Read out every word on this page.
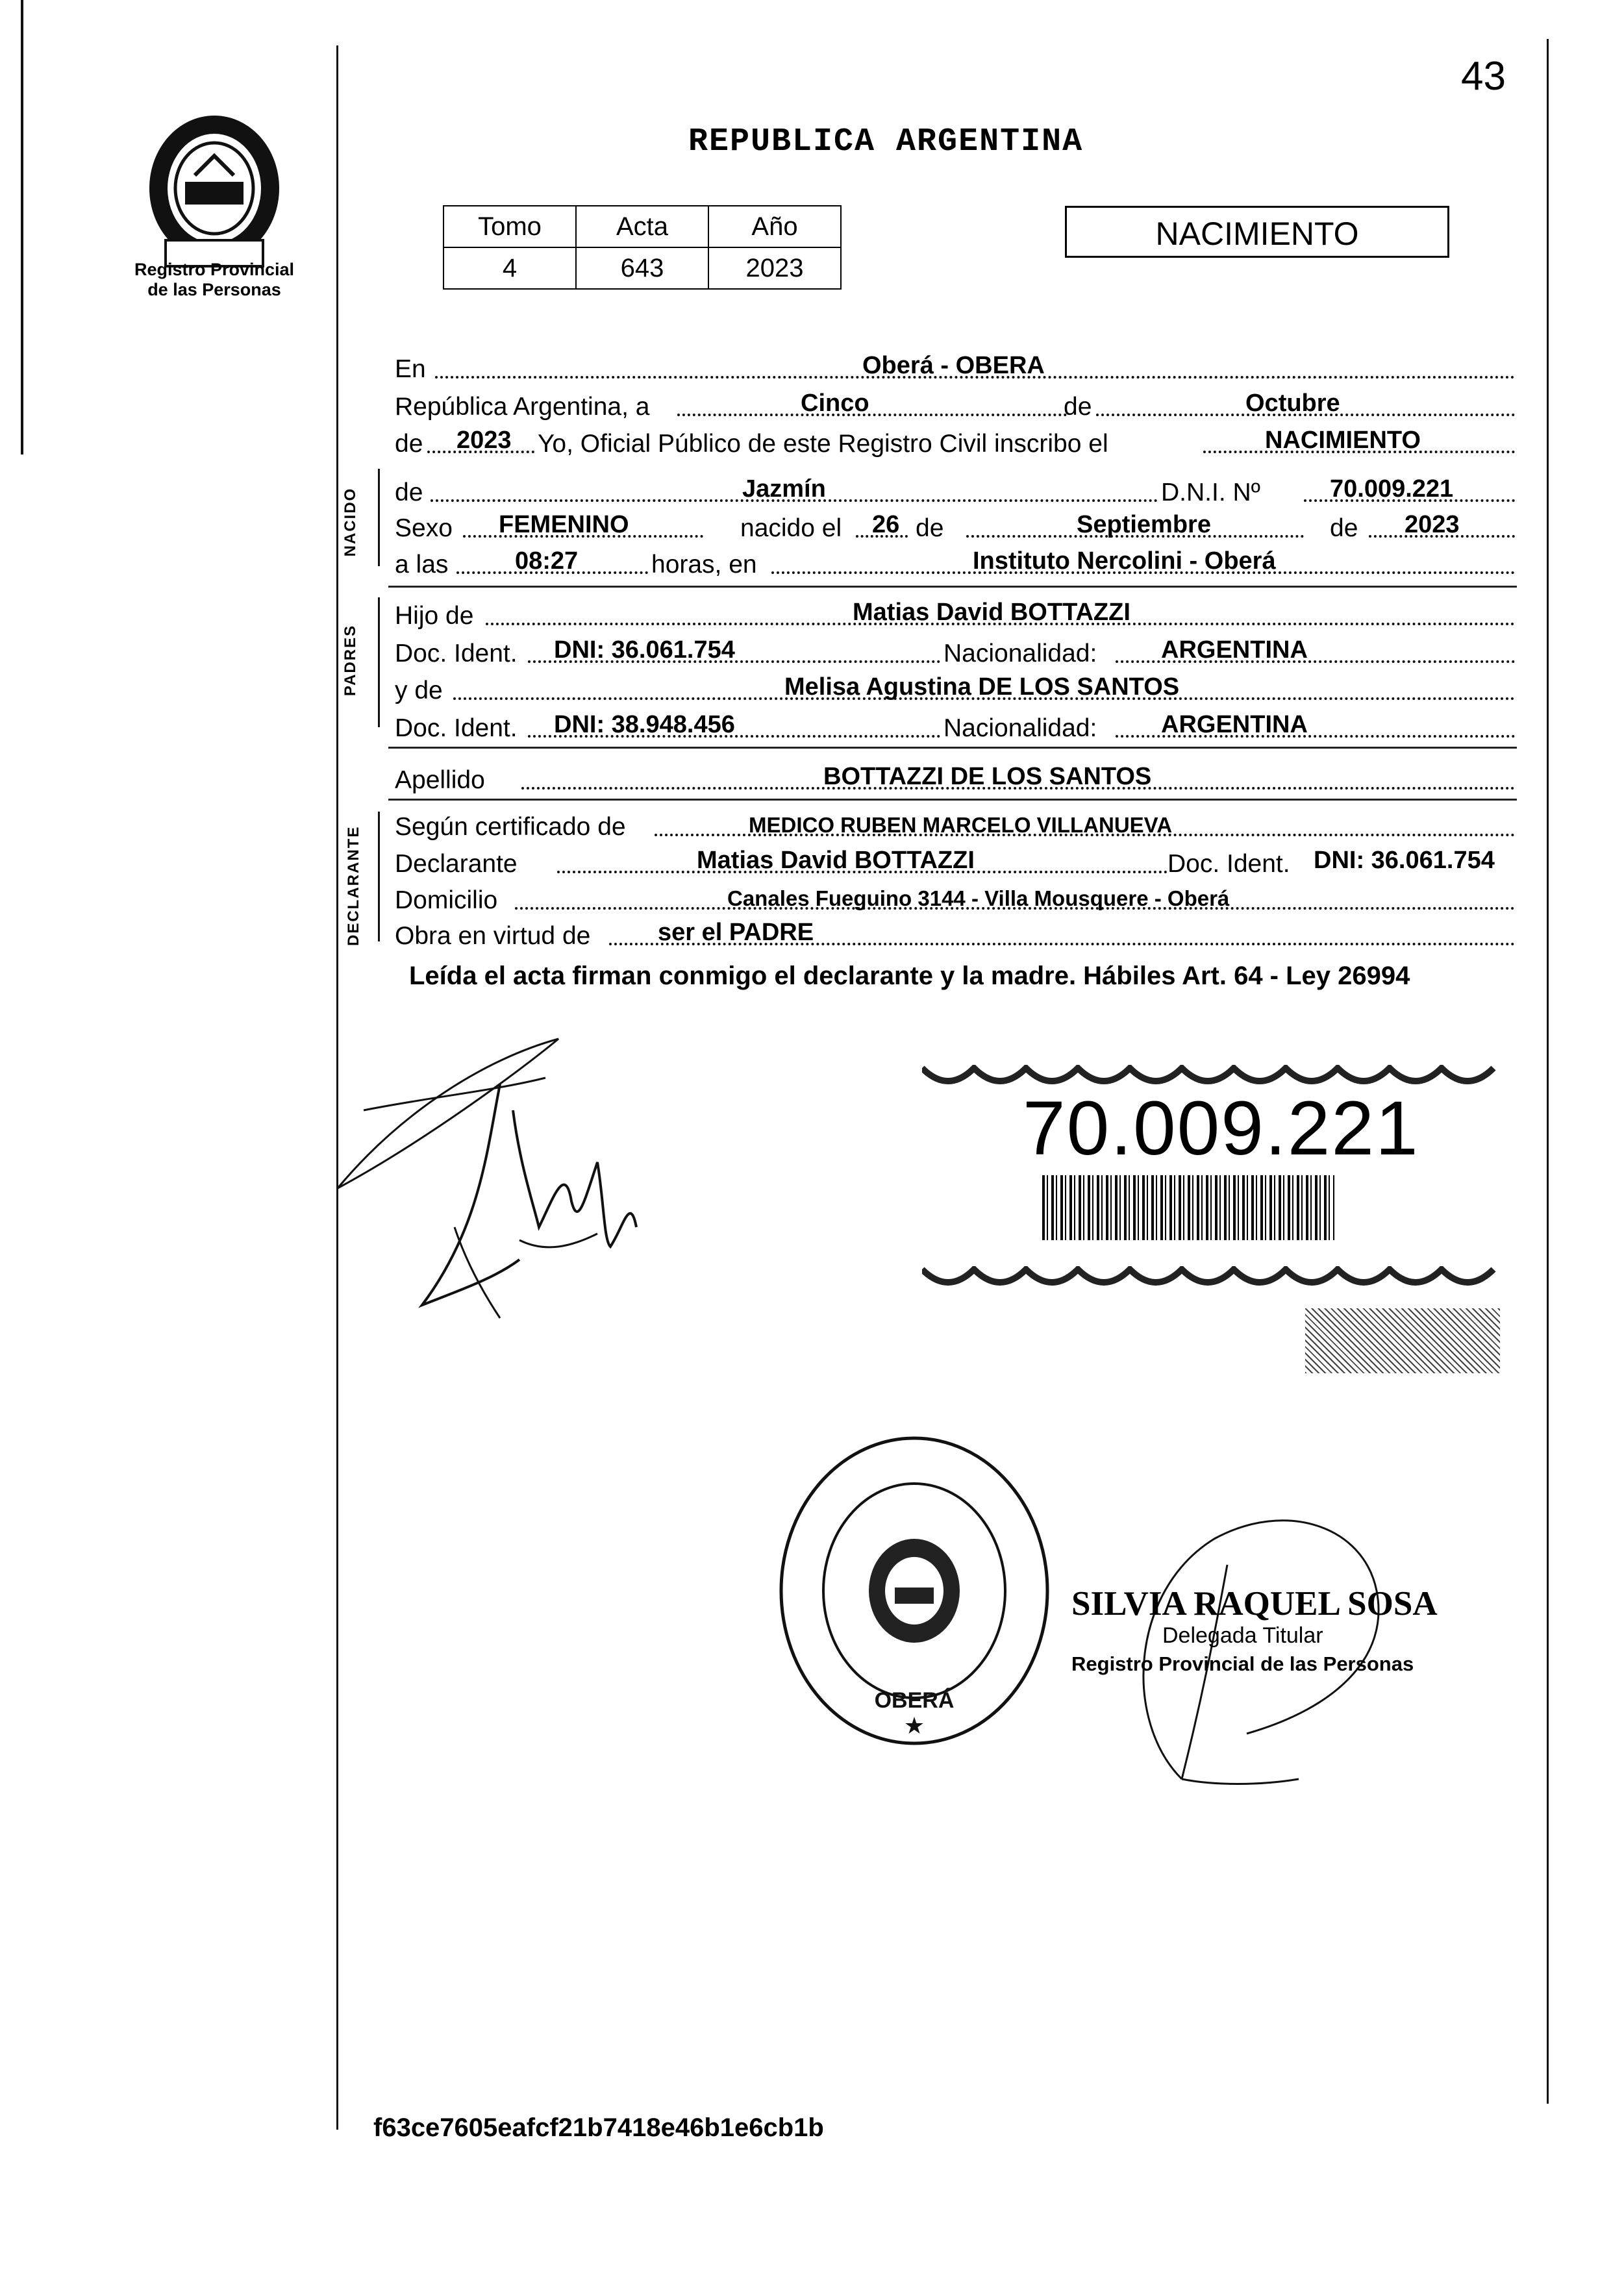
43
Registro Provincial
de las Personas
REPUBLICA ARGENTINA
Tomo	Acta	Año
4	643	2023
NACIMIENTO
NACIDO
PADRES
DECLARANTE
En	Oberá - OBERA
República Argentina, a	Cinco	de	Octubre
de 2023 Yo, Oficial Público de este Registro Civil inscribo el	NACIMIENTO
de	Jazmín	D.N.I. Nº	70.009.221
Sexo FEMENINO	nacido el 26 de	Septiembre	de 2023
a las	08:27	horas, en	Instituto Nercolini - Oberá
Hijo de	Matias David BOTTAZZI
Doc. Ident. DNI: 36.061.754	Nacionalidad:	ARGENTINA
y de	Melisa Agustina DE LOS SANTOS
Doc. Ident. DNI: 38.948.456	Nacionalidad:	ARGENTINA
Apellido	BOTTAZZI DE LOS SANTOS
Según certificado de	MEDICO RUBEN MARCELO VILLANUEVA
Declarante	Matias David BOTTAZZI	Doc. Ident. DNI: 36.061.754
Domicilio	Canales Fueguino 3144 - Villa Mousquere - Oberá
Obra en virtud de	ser el PADRE
Leída el acta firman conmigo el declarante y la madre. Hábiles Art. 64 - Ley 26994
70.009.221
OBERÁ
★
SILVIA RAQUEL SOSA
Delegada Titular
Registro Provincial de las Personas
f63ce7605eafcf21b7418e46b1e6cb1b
